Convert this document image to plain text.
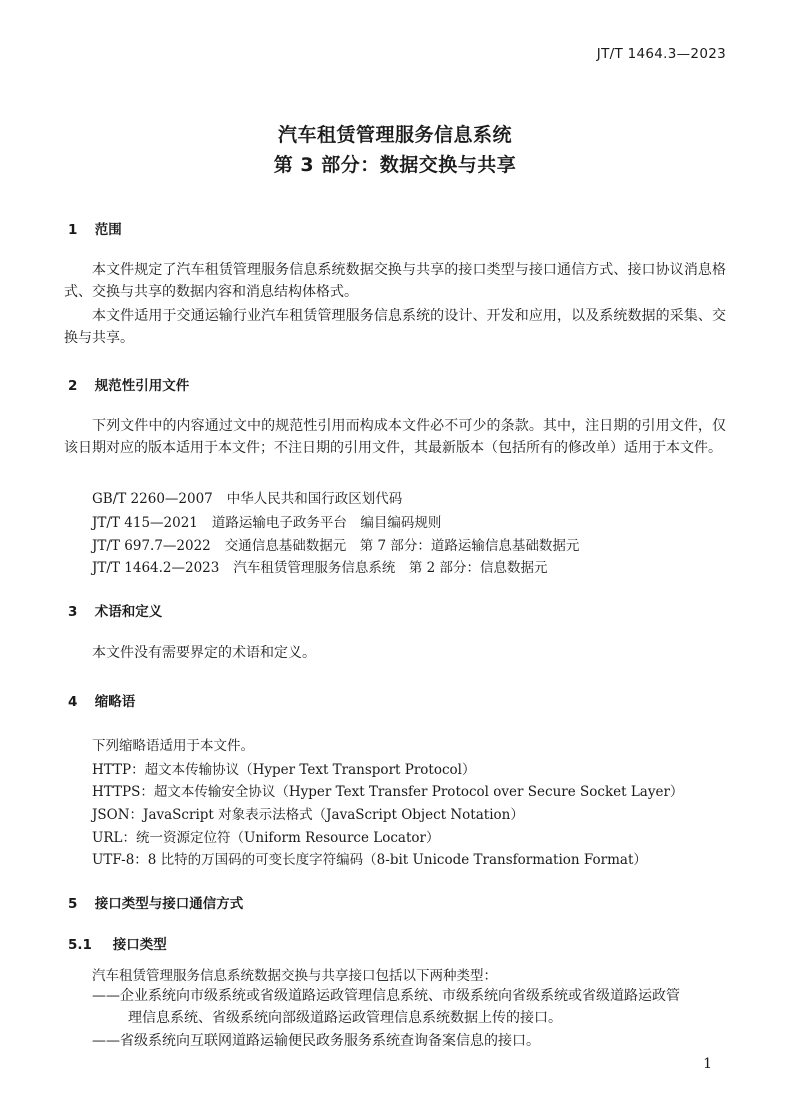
JT/T 1464.3—2023
汽车租赁管理服务信息系统
第 3 部分：数据交换与共享
1 范围
本文件规定了汽车租赁管理服务信息系统数据交换与共享的接口类型与接口通信方式、接口协议消息格式、交换与共享的数据内容和消息结构体格式。
本文件适用于交通运输行业汽车租赁管理服务信息系统的设计、开发和应用，以及系统数据的采集、交换与共享。
2 规范性引用文件
下列文件中的内容通过文中的规范性引用而构成本文件必不可少的条款。其中，注日期的引用文件，仅该日期对应的版本适用于本文件；不注日期的引用文件，其最新版本（包括所有的修改单）适用于本文件。
GB/T 2260—2007 中华人民共和国行政区划代码
JT/T 415—2021 道路运输电子政务平台　编目编码规则
JT/T 697.7—2022 交通信息基础数据元　第 7 部分：道路运输信息基础数据元
JT/T 1464.2—2023 汽车租赁管理服务信息系统　第 2 部分：信息数据元
3 术语和定义
本文件没有需要界定的术语和定义。
4 缩略语
下列缩略语适用于本文件。
HTTP：超文本传输协议（Hyper Text Transport Protocol）
HTTPS：超文本传输安全协议（Hyper Text Transfer Protocol over Secure Socket Layer）
JSON：JavaScript 对象表示法格式（JavaScript Object Notation）
URL：统一资源定位符（Uniform Resource Locator）
UTF-8：8 比特的万国码的可变长度字符编码（8-bit Unicode Transformation Format）
5 接口类型与接口通信方式
5.1 接口类型
汽车租赁管理服务信息系统数据交换与共享接口包括以下两种类型：
——企业系统向市级系统或省级道路运政管理信息系统、市级系统向省级系统或省级道路运政管
理信息系统、省级系统向部级道路运政管理信息系统数据上传的接口。
——省级系统向互联网道路运输便民政务服务系统查询备案信息的接口。
1
